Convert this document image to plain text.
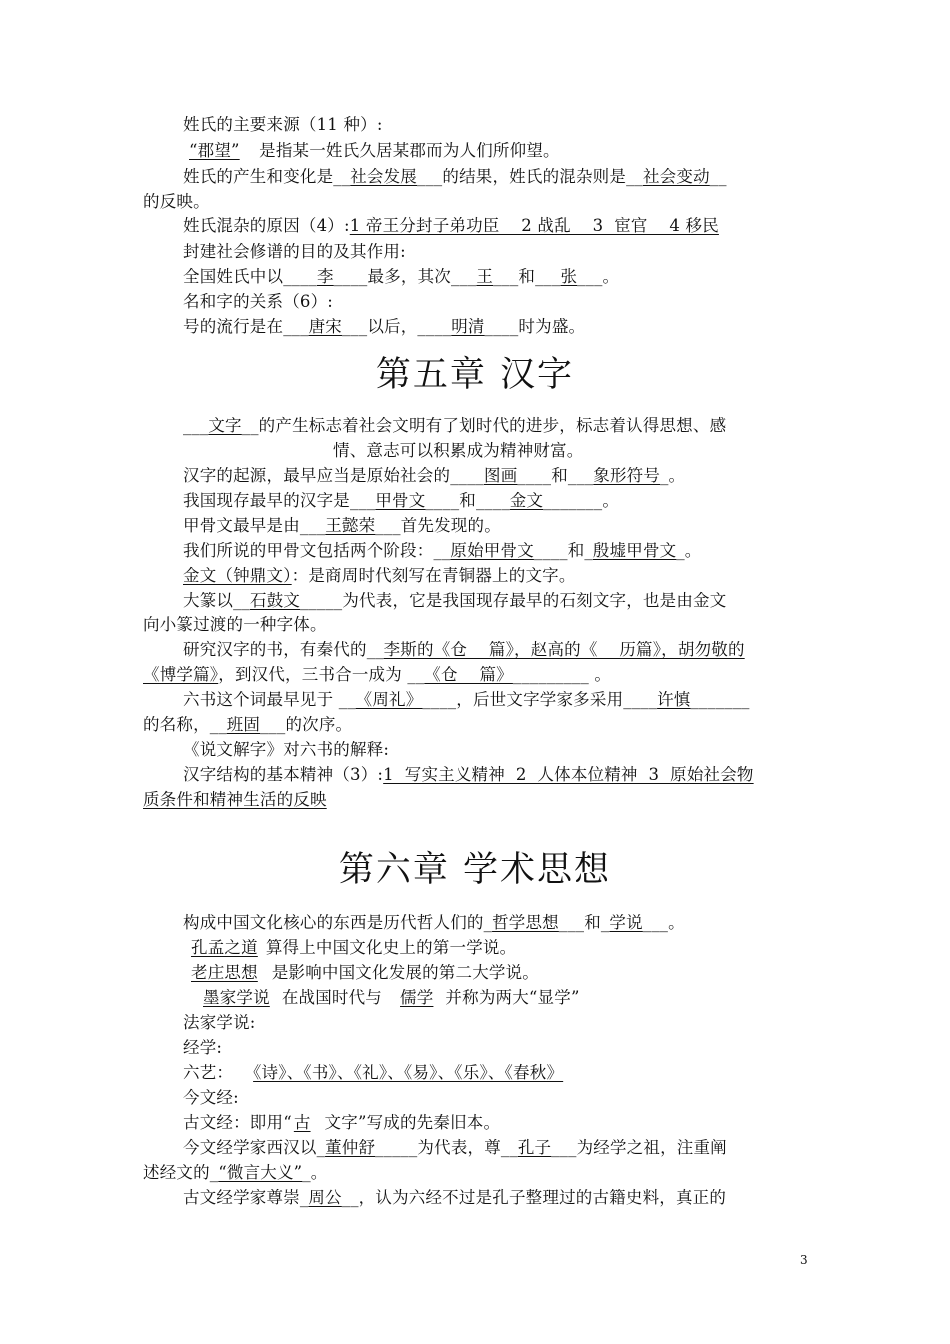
姓氏的主要来源（11 种）:
“郡望” 是指某一姓氏久居某郡而为人们所仰望。
姓氏的产生和变化是__社会发展___的结果，姓氏的混杂则是__社会变动__
的反映。
姓氏混杂的原因（4）:1 帝王分封子弟功臣    2 战乱    3  宦官    4 移民
封建社会修谱的目的及其作用:
全国姓氏中以____李____最多，其次___王___和___张___。
名和字的关系（6）:
号的流行是在___唐宋___以后，____明清____时为盛。
第五章 汉字
___文字__的产生标志着社会文明有了划时代的进步，标志着认得思想、感
情、意志可以积累成为精神财富。
汉字的起源，最早应当是原始社会的____图画____和___象形符号_。
我国现存最早的汉字是___甲骨文____和____金文_______。
甲骨文最早是由___王懿荣___首先发现的。
我们所说的甲骨文包括两个阶段：__原始甲骨文____和_殷墟甲骨文_。
金文（钟鼎文）：是商周时代刻写在青铜器上的文字。
大篆以__石鼓文_____为代表，它是我国现存最早的石刻文字，也是由金文
向小篆过渡的一种字体。
研究汉字的书，有秦代的__李斯的《仓    篇》，赵高的《    历篇》，胡勿敬的
《博学篇》，到汉代，三书合一成为 __《仓    篇》_________ 。
六书这个词最早见于 __《周礼》____，后世文字学家多采用____许慎_______
的名称，__班固___的次序。
《说文解字》对六书的解释:
汉字结构的基本精神（3）:1  写实主义精神  2  人体本位精神  3  原始社会物
质条件和精神生活的反映
第六章 学术思想
构成中国文化核心的东西是历代哲人们的_哲学思想___和_学说___。
孔孟之道 算得上中国文化史上的第一学说。
老庄思想 是影响中国文化发展的第二大学说。
墨家学说 在战国时代与 儒学 并称为两大“显学”
法家学说:
经学:
六艺： 《诗》、《书》、《礼》、《易》、《乐》、《春秋》
今文经:
古文经：即用“ 古 文字”写成的先秦旧本。
今文经学家西汉以_董仲舒_____为代表，尊__孔子___为经学之祖，注重阐
述经文的_“微言大义”_。
古文经学家尊崇_周公__，认为六经不过是孔子整理过的古籍史料，真正的
3
